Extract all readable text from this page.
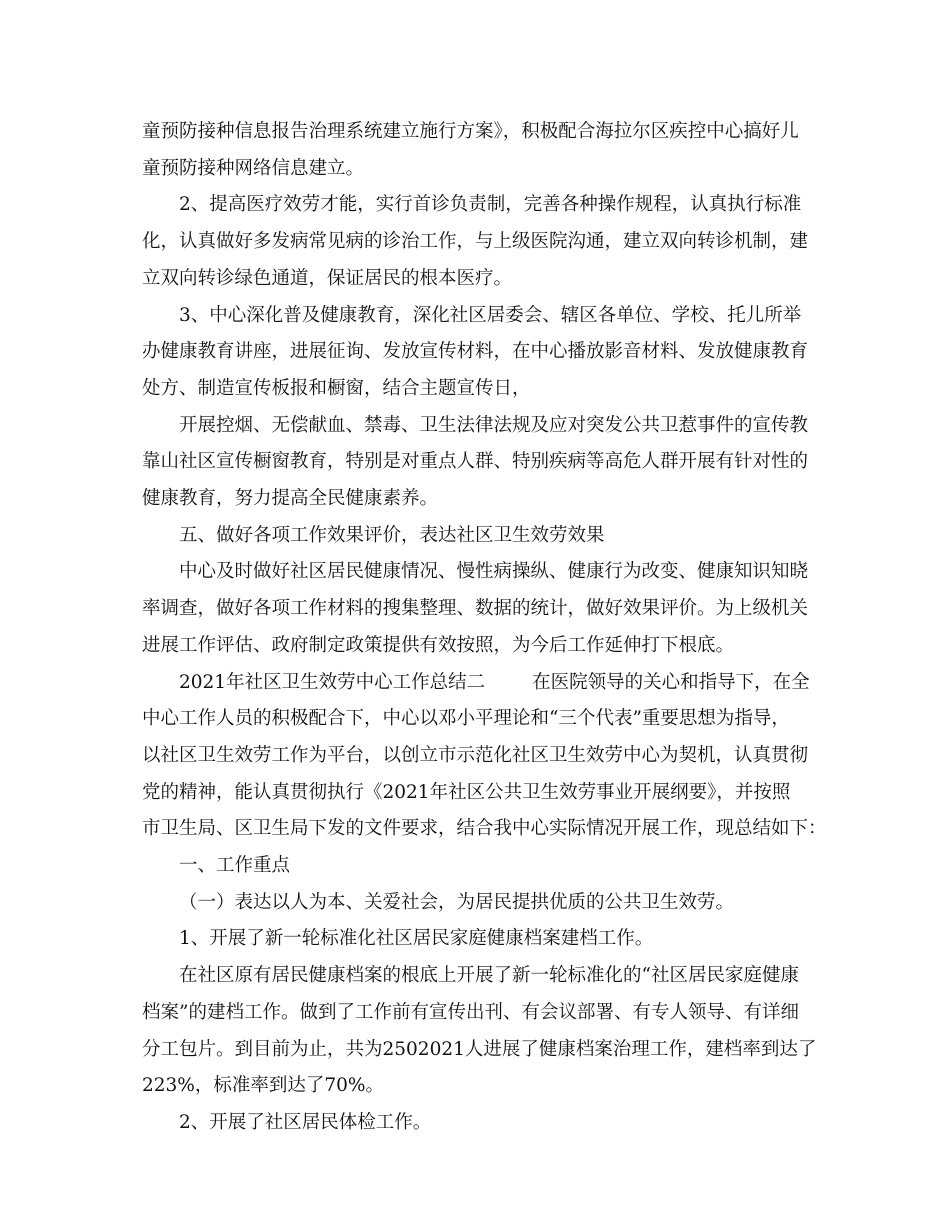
童预防接种信息报告治理系统建立施行方案》，积极配合海拉尔区疾控中心搞好儿

童预防接种网络信息建立。

2、提高医疗效劳才能，实行首诊负责制，完善各种操作规程，认真执行标准

化，认真做好多发病常见病的诊治工作，与上级医院沟通，建立双向转诊机制，建

立双向转诊绿色通道，保证居民的根本医疗。

3、中心深化普及健康教育，深化社区居委会、辖区各单位、学校、托儿所举

办健康教育讲座，进展征询、发放宣传材料，在中心播放影音材料、发放健康教育

处方、制造宣传板报和橱窗，结合主题宣传日，

开展控烟、无偿献血、禁毒、卫生法律法规及应对突发公共卫惹事件的宣传教

靠山社区宣传橱窗教育，特别是对重点人群、特别疾病等高危人群开展有针对性的

健康教育，努力提高全民健康素养。

五、做好各项工作效果评价，表达社区卫生效劳效果

中心及时做好社区居民健康情况、慢性病操纵、健康行为改变、健康知识知晓

率调查，做好各项工作材料的搜集整理、数据的统计，做好效果评价。为上级机关

进展工作评估、政府制定政策提供有效按照，为今后工作延伸打下根底。

2021年社区卫生效劳中心工作总结二        在医院领导的关心和指导下，在全

中心工作人员的积极配合下，中心以邓小平理论和“三个代表”重要思想为指导，

以社区卫生效劳工作为平台，以创立市示范化社区卫生效劳中心为契机，认真贯彻

党的精神，能认真贯彻执行《2021年社区公共卫生效劳事业开展纲要》，并按照

市卫生局、区卫生局下发的文件要求，结合我中心实际情况开展工作，现总结如下：

一、工作重点

（一）表达以人为本、关爱社会，为居民提拱优质的公共卫生效劳。

1、开展了新一轮标准化社区居民家庭健康档案建档工作。

在社区原有居民健康档案的根底上开展了新一轮标准化的“社区居民家庭健康

档案”的建档工作。做到了工作前有宣传出刊、有会议部署、有专人领导、有详细

分工包片。到目前为止，共为2502021人进展了健康档案治理工作，建档率到达了

223%，标准率到达了70%。

2、开展了社区居民体检工作。
